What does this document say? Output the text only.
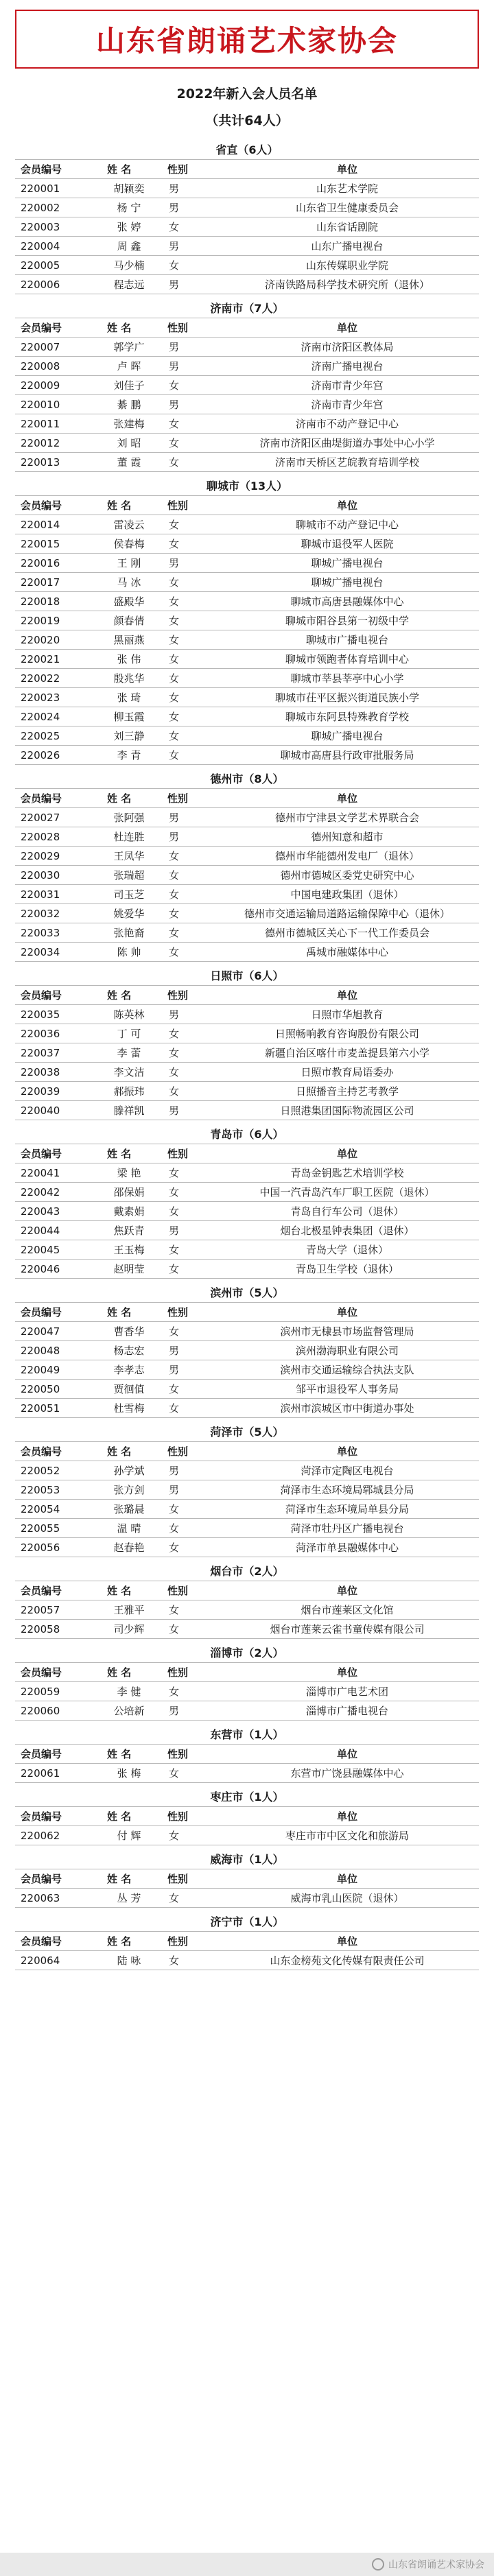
山东省朗诵艺术家协会
2022年新入会人员名单
（共计64人）
省直（6人）
会员编号	姓 名	性别	单位
220001	胡颖奕	男	山东艺术学院
220002	杨 宁	男	山东省卫生健康委员会
220003	张 婷	女	山东省话剧院
220004	周 鑫	男	山东广播电视台
220005	马少楠	女	山东传媒职业学院
220006	程志远	男	济南铁路局科学技术研究所（退休）
济南市（7人）
会员编号	姓 名	性别	单位
220007	郭学广	男	济南市济阳区教体局
220008	卢 晖	男	济南广播电视台
220009	刘佳子	女	济南市青少年宫
220010	綦 鹏	男	济南市青少年宫
220011	张建梅	女	济南市不动产登记中心
220012	刘 昭	女	济南市济阳区曲堤街道办事处中心小学
220013	董 霞	女	济南市天桥区艺皖教育培训学校
聊城市（13人）
会员编号	姓 名	性别	单位
220014	雷凌云	女	聊城市不动产登记中心
220015	侯春梅	女	聊城市退役军人医院
220016	王 刚	男	聊城广播电视台
220017	马 冰	女	聊城广播电视台
220018	盛殿华	女	聊城市高唐县融媒体中心
220019	颜春倩	女	聊城市阳谷县第一初级中学
220020	黑丽燕	女	聊城市广播电视台
220021	张 伟	女	聊城市领跑者体育培训中心
220022	殷兆华	女	聊城市莘县莘亭中心小学
220023	张 琦	女	聊城市茌平区振兴街道民族小学
220024	柳玉霞	女	聊城市东阿县特殊教育学校
220025	刘三静	女	聊城广播电视台
220026	李 青	女	聊城市高唐县行政审批服务局
德州市（8人）
会员编号	姓 名	性别	单位
220027	张阿强	男	德州市宁津县文学艺术界联合会
220028	杜连胜	男	德州知意和超市
220029	王凤华	女	德州市华能德州发电厂（退休）
220030	张瑞超	女	德州市德城区委党史研究中心
220031	司玉芝	女	中国电建政集团（退休）
220032	姚爱华	女	德州市交通运输局道路运输保障中心（退休）
220033	张艳裔	女	德州市德城区关心下一代工作委员会
220034	陈 帅	女	禹城市融媒体中心
日照市（6人）
会员编号	姓 名	性别	单位
220035	陈英林	男	日照市华旭教育
220036	丁 可	女	日照畅响教育咨询股份有限公司
220037	李 蕾	女	新疆自治区喀什市麦盖提县第六小学
220038	李文洁	女	日照市教育局语委办
220039	郝振玮	女	日照播音主持艺考教学
220040	滕祥凯	男	日照港集团国际物流园区公司
青岛市（6人）
会员编号	姓 名	性别	单位
220041	梁 艳	女	青岛金钥匙艺术培训学校
220042	邵保娟	女	中国一汽青岛汽车厂职工医院（退休）
220043	戴素娟	女	青岛自行车公司（退休）
220044	焦跃青	男	烟台北极星钟表集团（退休）
220045	王玉梅	女	青岛大学（退休）
220046	赵明莹	女	青岛卫生学校（退休）
滨州市（5人）
会员编号	姓 名	性别	单位
220047	曹香华	女	滨州市无棣县市场监督管理局
220048	杨志宏	男	滨州渤海职业有限公司
220049	李孝志	男	滨州市交通运输综合执法支队
220050	贾徊值	女	邹平市退役军人事务局
220051	杜雪梅	女	滨州市滨城区市中街道办事处
菏泽市（5人）
会员编号	姓 名	性别	单位
220052	孙学斌	男	菏泽市定陶区电视台
220053	张方剑	男	菏泽市生态环境局郓城县分局
220054	张璐晨	女	菏泽市生态环境局单县分局
220055	温 晴	女	菏泽市牡丹区广播电视台
220056	赵春艳	女	菏泽市单县融媒体中心
烟台市（2人）
会员编号	姓 名	性别	单位
220057	王雅平	女	烟台市莲莱区文化馆
220058	司少辉	女	烟台市莲莱云雀书童传媒有限公司
淄博市（2人）
会员编号	姓 名	性别	单位
220059	李 健	女	淄博市广电艺术团
220060	公培新	男	淄博市广播电视台
东营市（1人）
会员编号	姓 名	性别	单位
220061	张 梅	女	东营市广饶县融媒体中心
枣庄市（1人）
会员编号	姓 名	性别	单位
220062	付 辉	女	枣庄市市中区文化和旅游局
威海市（1人）
会员编号	姓 名	性别	单位
220063	丛 芳	女	威海市乳山医院（退休）
济宁市（1人）
会员编号	姓 名	性别	单位
220064	陆 咏	女	山东金榜苑文化传媒有限责任公司
山东省朗诵艺术家协会
